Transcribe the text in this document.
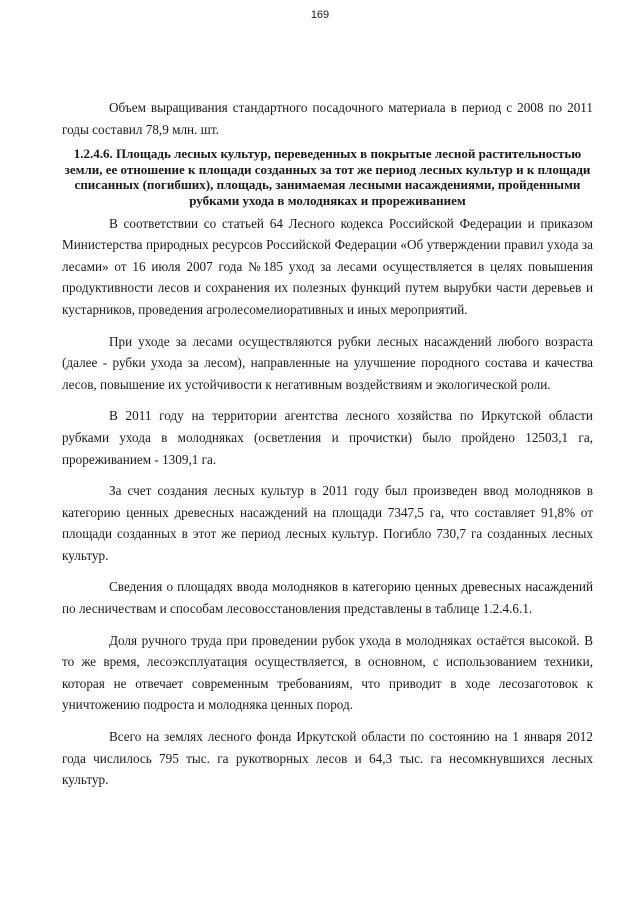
169

Объем выращивания стандартного посадочного материала в период с 2008 по 2011 годы составил 78,9 млн. шт.

1.2.4.6. Площадь лесных культур, переведенных в покрытые лесной растительностью земли, ее отношение к площади созданных за тот же период лесных культур и к площади списанных (погибших), площадь, занимаемая лесными насаждениями, пройденными рубками ухода в молодняках и прореживанием

В соответствии со статьей 64 Лесного кодекса Российской Федерации и приказом Министерства природных ресурсов Российской Федерации «Об утверждении правил ухода за лесами» от 16 июля 2007 года №185 уход за лесами осуществляется в целях повышения продуктивности лесов и сохранения их полезных функций путем вырубки части деревьев и кустарников, проведения агролесомелиоративных и иных мероприятий.

При уходе за лесами осуществляются рубки лесных насаждений любого возраста (далее - рубки ухода за лесом), направленные на улучшение породного состава и качества лесов, повышение их устойчивости к негативным воздействиям и экологической роли.

В 2011 году на территории агентства лесного хозяйства по Иркутской области рубками ухода в молодняках (осветления и прочистки) было пройдено 12503,1 га, прореживанием - 1309,1 га.

За счет создания лесных культур в 2011 году был произведен ввод молодняков в категорию ценных древесных насаждений на площади 7347,5 га, что составляет 91,8% от площади созданных в этот же период лесных культур. Погибло 730,7 га созданных лесных культур.

Сведения о площадях ввода молодняков в категорию ценных древесных насаждений по лесничествам и способам лесовосстановления представлены в таблице 1.2.4.6.1.

Доля ручного труда при проведении рубок ухода в молодняках остаётся высокой. В то же время, лесоэксплуатация осуществляется, в основном, с использованием техники, которая не отвечает современным требованиям, что приводит в ходе лесозаготовок к уничтожению подроста и молодняка ценных пород.

Всего на землях лесного фонда Иркутской области по состоянию на 1 января 2012 года числилось 795 тыс. га рукотворных лесов и 64,3 тыс. га несомкнувшихся лесных культур.
